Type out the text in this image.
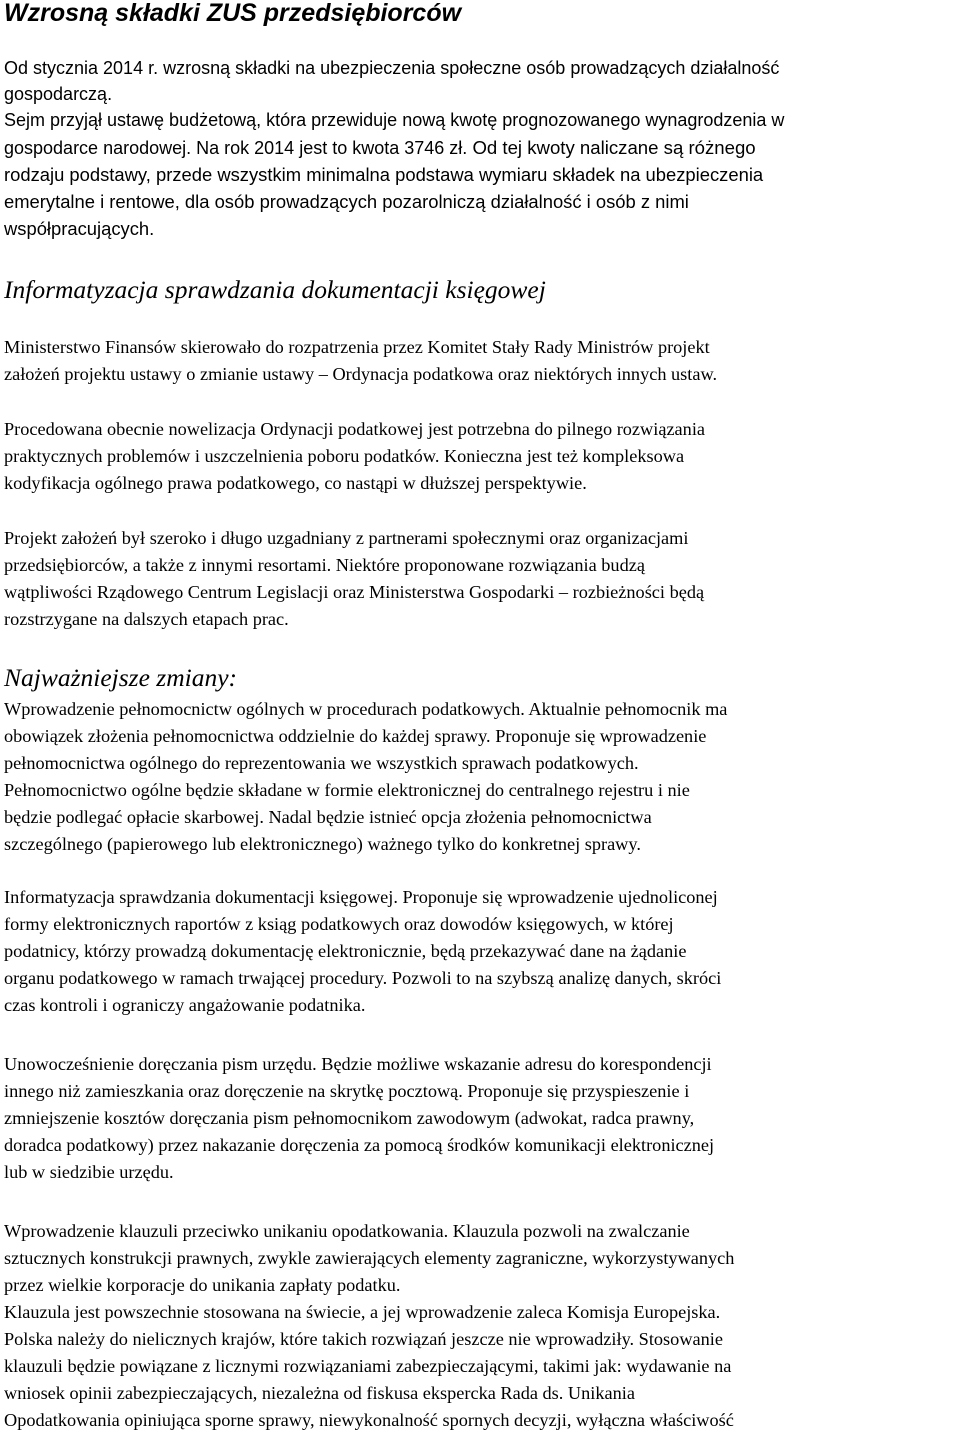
Wzrosną składki ZUS przedsiębiorców
Od stycznia 2014 r. wzrosną składki na ubezpieczenia społeczne osób prowadzących działalność
gospodarczą.
Sejm przyjął ustawę budżetową, która przewiduje nową kwotę prognozowanego wynagrodzenia w
gospodarce narodowej. Na rok 2014 jest to kwota 3746 zł. Od tej kwoty naliczane są różnego
rodzaju podstawy, przede wszystkim minimalna podstawa wymiaru składek na ubezpieczenia
emerytalne i rentowe, dla osób prowadzących pozarolniczą działalność i osób z nimi
współpracujących.
Informatyzacja sprawdzania dokumentacji księgowej
Ministerstwo Finansów skierowało do rozpatrzenia przez Komitet Stały Rady Ministrów projekt
założeń projektu ustawy o zmianie ustawy – Ordynacja podatkowa oraz niektórych innych ustaw.
Procedowana obecnie nowelizacja Ordynacji podatkowej jest potrzebna do pilnego rozwiązania
praktycznych problemów i uszczelnienia poboru podatków. Konieczna jest też kompleksowa
kodyfikacja ogólnego prawa podatkowego, co nastąpi w dłuższej perspektywie.
Projekt założeń był szeroko i długo uzgadniany z partnerami społecznymi oraz organizacjami
przedsiębiorców, a także z innymi resortami. Niektóre proponowane rozwiązania budzą
wątpliwości Rządowego Centrum Legislacji oraz Ministerstwa Gospodarki – rozbieżności będą
rozstrzygane na dalszych etapach prac.
Najważniejsze zmiany:
Wprowadzenie pełnomocnictw ogólnych w procedurach podatkowych. Aktualnie pełnomocnik ma
obowiązek złożenia pełnomocnictwa oddzielnie do każdej sprawy. Proponuje się wprowadzenie
pełnomocnictwa ogólnego do reprezentowania we wszystkich sprawach podatkowych.
Pełnomocnictwo ogólne będzie składane w formie elektronicznej do centralnego rejestru i nie
będzie podlegać opłacie skarbowej. Nadal będzie istnieć opcja złożenia pełnomocnictwa
szczególnego (papierowego lub elektronicznego) ważnego tylko do konkretnej sprawy.
Informatyzacja sprawdzania dokumentacji księgowej. Proponuje się wprowadzenie ujednoliconej
formy elektronicznych raportów z ksiąg podatkowych oraz dowodów księgowych, w której
podatnicy, którzy prowadzą dokumentację elektronicznie, będą przekazywać dane na żądanie
organu podatkowego w ramach trwającej procedury. Pozwoli to na szybszą analizę danych, skróci
czas kontroli i ograniczy angażowanie podatnika.
Unowocześnienie doręczania pism urzędu. Będzie możliwe wskazanie adresu do korespondencji
innego niż zamieszkania oraz doręczenie na skrytkę pocztową. Proponuje się przyspieszenie i
zmniejszenie kosztów doręczania pism pełnomocnikom zawodowym (adwokat, radca prawny,
doradca podatkowy) przez nakazanie doręczenia za pomocą środków komunikacji elektronicznej
lub w siedzibie urzędu.
Wprowadzenie klauzuli przeciwko unikaniu opodatkowania. Klauzula pozwoli na zwalczanie
sztucznych konstrukcji prawnych, zwykle zawierających elementy zagraniczne, wykorzystywanych
przez wielkie korporacje do unikania zapłaty podatku.
Klauzula jest powszechnie stosowana na świecie, a jej wprowadzenie zaleca Komisja Europejska.
Polska należy do nielicznych krajów, które takich rozwiązań jeszcze nie wprowadziły. Stosowanie
klauzuli będzie powiązane z licznymi rozwiązaniami zabezpieczającymi, takimi jak: wydawanie na
wniosek opinii zabezpieczających, niezależna od fiskusa ekspercka Rada ds. Unikania
Opodatkowania opiniująca sporne sprawy, niewykonalność spornych decyzji, wyłączna właściwość
